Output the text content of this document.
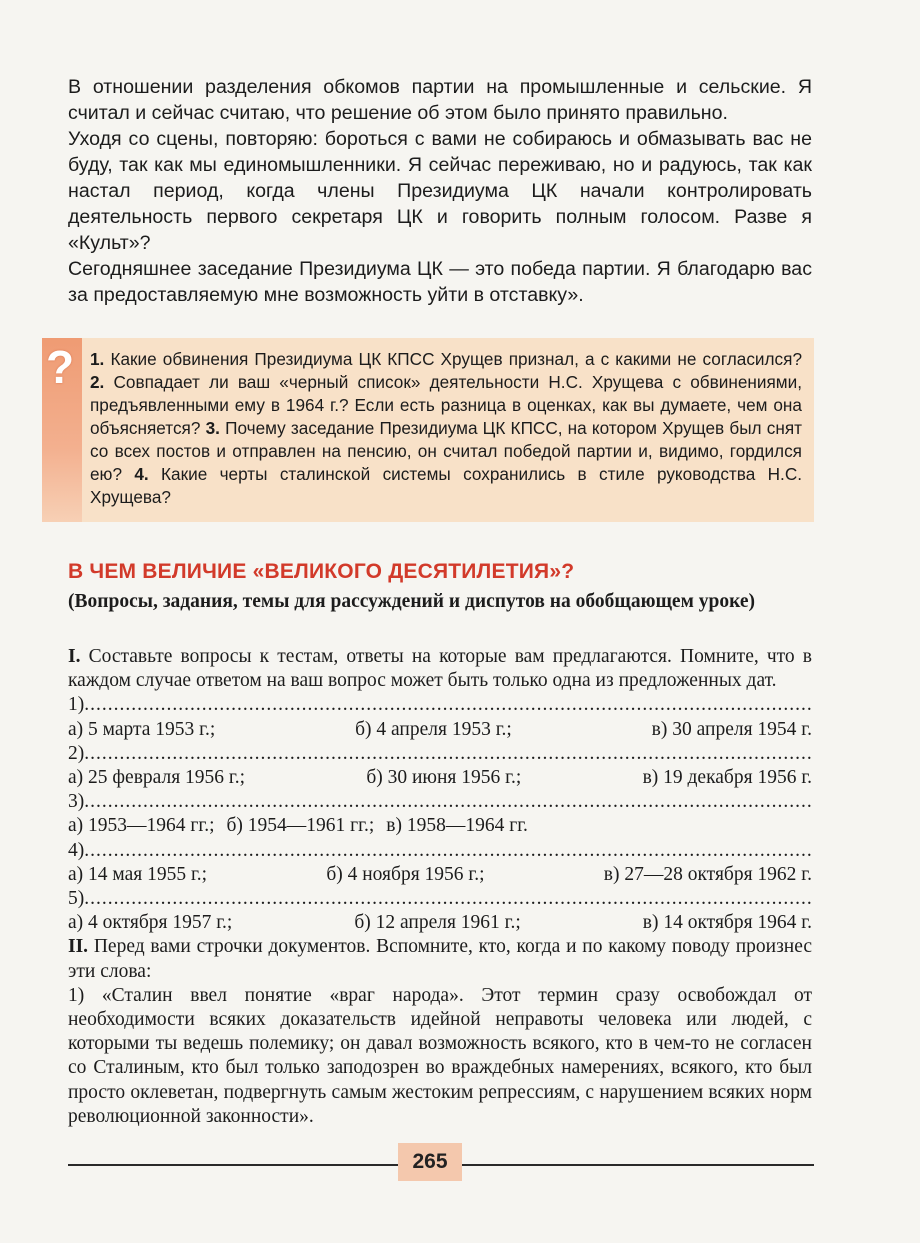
В отношении разделения обкомов партии на промышленные и сельские. Я считал и сейчас считаю, что решение об этом было принято правильно.

Уходя со сцены, повторяю: бороться с вами не собираюсь и обмазывать вас не буду, так как мы единомышленники. Я сейчас переживаю, но и радуюсь, так как настал период, когда члены Президиума ЦК начали контролировать деятельность первого секретаря ЦК и говорить полным голосом. Разве я «Культ»?

Сегодняшнее заседание Президиума ЦК — это победа партии. Я благодарю вас за предоставляемую мне возможность уйти в отставку».

? 1. Какие обвинения Президиума ЦК КПСС Хрущев признал, а с какими не согласился? 2. Совпадает ли ваш «черный список» деятельности Н.С. Хрущева с обвинениями, предъявленными ему в 1964 г.? Если есть разница в оценках, как вы думаете, чем она объясняется? 3. Почему заседание Президиума ЦК КПСС, на котором Хрущев был снят со всех постов и отправлен на пенсию, он считал победой партии и, видимо, гордился ею? 4. Какие черты сталинской системы сохранились в стиле руководства Н.С. Хрущева?
В ЧЕМ ВЕЛИЧИЕ «ВЕЛИКОГО ДЕСЯТИЛЕТИЯ»?
(Вопросы, задания, темы для рассуждений и диспутов на обобщающем уроке)

I. Составьте вопросы к тестам, ответы на которые вам предлагаются. Помните, что в каждом случае ответом на ваш вопрос может быть только одна из предложенных дат.

1)
.....
а) 5 марта 1953 г.;	б) 4 апреля 1953 г.;	в) 30 апреля 1954 г.
2)
.....
а) 25 февраля 1956 г.;	б) 30 июня 1956 г.;	в) 19 декабря 1956 г.
3)
.....
а) 1953—1964 гг.; б) 1954—1961 гг.; в) 1958—1964 гг.
4)
.....
а) 14 мая 1955 г.;	б) 4 ноября 1956 г.;	в) 27—28 октября 1962 г.
5)
.....
а) 4 октября 1957 г.;	б) 12 апреля 1961 г.;	в) 14 октября 1964 г.

II. Перед вами строчки документов. Вспомните, кто, когда и по какому поводу произнес эти слова:

1) «Сталин ввел понятие «враг народа». Этот термин сразу освобождал от необходимости всяких доказательств идейной неправоты человека или людей, с которыми ты ведешь полемику; он давал возможность всякого, кто в чем-то не согласен со Сталиным, кто был только заподозрен во враждебных намерениях, всякого, кто был просто оклеветан, подвергнуть самым жестоким репрессиям, с нарушением всяких норм революционной законности».

265
